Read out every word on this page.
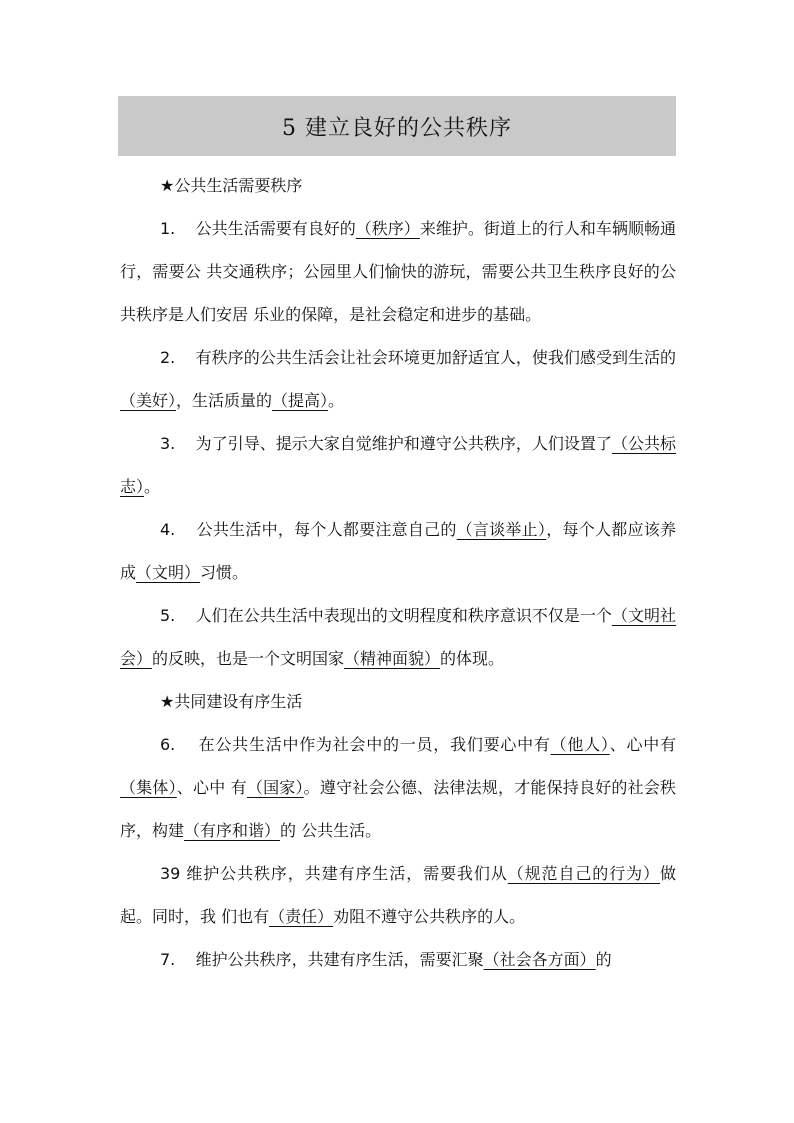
5 建立良好的公共秩序

★公共生活需要秩序

1. 公共生活需要有良好的（秩序）来维护。街道上的行人和车辆顺畅通行，需要公 共交通秩序；公园里人们愉快的游玩，需要公共卫生秩序良好的公共秩序是人们安居 乐业的保障，是社会稳定和进步的基础。

2. 有秩序的公共生活会让社会环境更加舒适宜人，使我们感受到生活的（美好），生活质量的（提高）。

3. 为了引导、提示大家自觉维护和遵守公共秩序，人们设置了（公共标志）。

4. 公共生活中，每个人都要注意自己的（言谈举止），每个人都应该养成（文明）习惯。

5. 人们在公共生活中表现出的文明程度和秩序意识不仅是一个（文明社会）的反映，也是一个文明国家（精神面貌）的体现。

★共同建设有序生活

6. 在公共生活中作为社会中的一员，我们要心中有（他人）、心中有（集体）、心中 有（国家）。遵守社会公德、法律法规，才能保持良好的社会秩序，构建（有序和谐）的 公共生活。

39 维护公共秩序，共建有序生活，需要我们从（规范自己的行为）做起。同时，我 们也有（责任）劝阻不遵守公共秩序的人。

7. 维护公共秩序，共建有序生活，需要汇聚（社会各方面）的
